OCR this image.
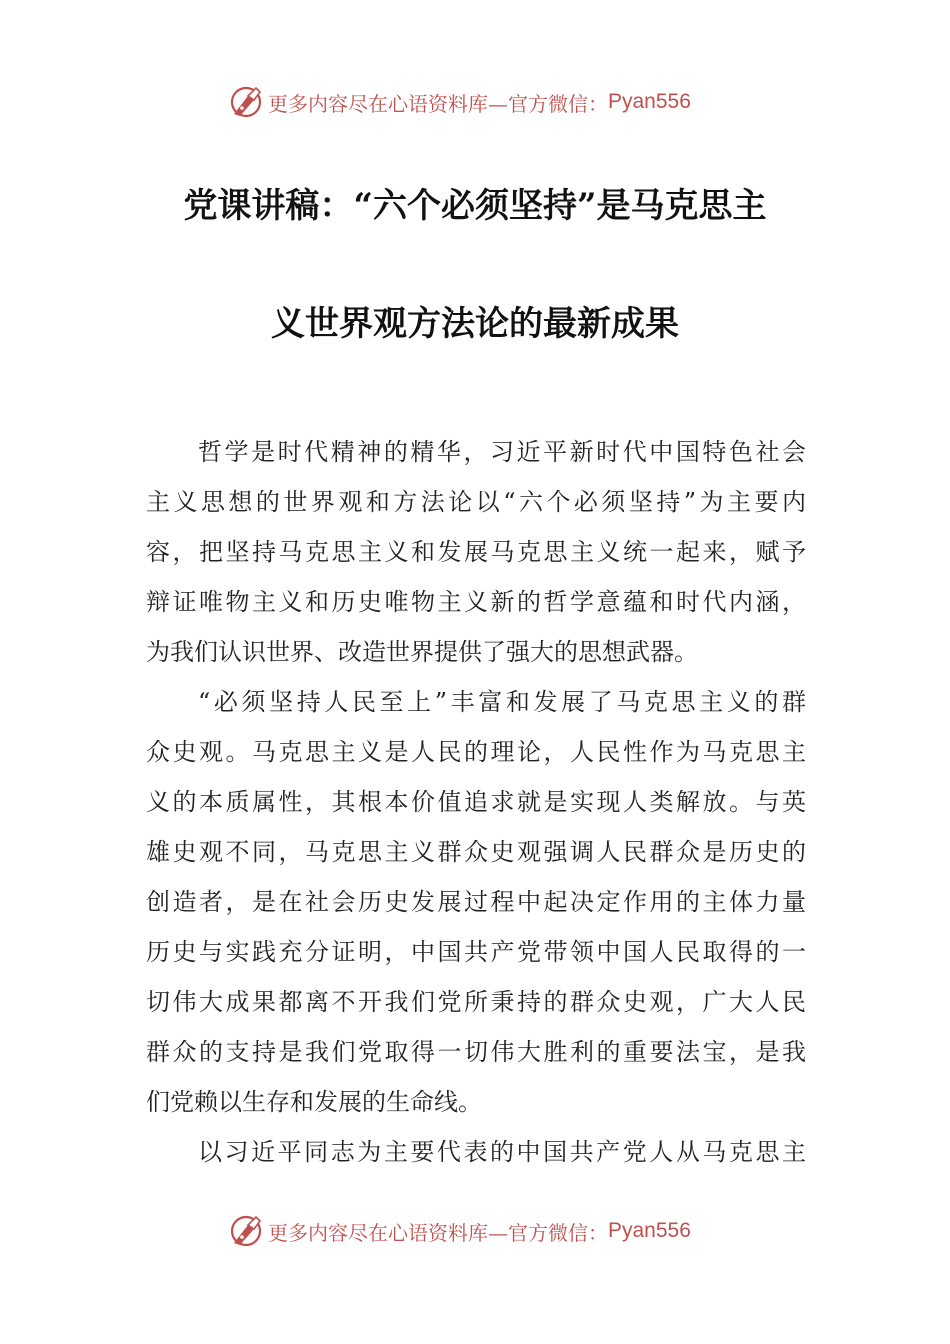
更多内容尽在心语资料库—官方微信： Pyan556
党课讲稿：“六个必须坚持”是马克思主
义世界观方法论的最新成果
哲学是时代精神的精华，习近平新时代中国特色社会
主义思想的世界观和方法论以“六个必须坚持”为主要内
容，把坚持马克思主义和发展马克思主义统一起来，赋予
辩证唯物主义和历史唯物主义新的哲学意蕴和时代内涵，
为我们认识世界、改造世界提供了强大的思想武器。
“必须坚持人民至上”丰富和发展了马克思主义的群
众史观。马克思主义是人民的理论，人民性作为马克思主
义的本质属性，其根本价值追求就是实现人类解放。与英
雄史观不同，马克思主义群众史观强调人民群众是历史的
创造者，是在社会历史发展过程中起决定作用的主体力量
历史与实践充分证明，中国共产党带领中国人民取得的一
切伟大成果都离不开我们党所秉持的群众史观，广大人民
群众的支持是我们党取得一切伟大胜利的重要法宝，是我
们党赖以生存和发展的生命线。
以习近平同志为主要代表的中国共产党人从马克思主
更多内容尽在心语资料库—官方微信： Pyan556
